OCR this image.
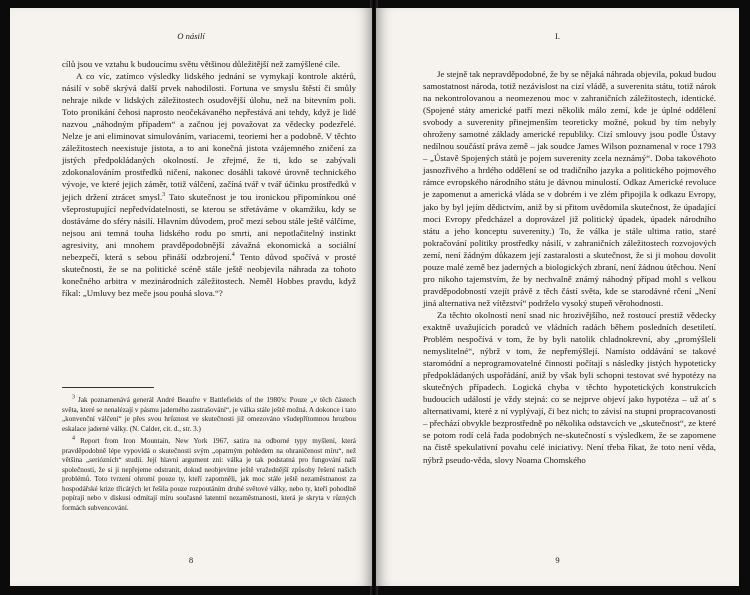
O násilí

cílů jsou ve vztahu k budoucímu světu většinou důležitější než zamýšlené cíle.

A co víc, zatímco výsledky lidského jednání se vymykají kontrole aktérů, násilí v sobě skrývá další prvek nahodilosti. Fortuna ve smyslu štěstí či smůly nehraje nikde v lidských záležitostech osudovější úlohu, než na bitevním poli. Toto pronikání čehosi naprosto neočekávaného nepřestává ani tehdy, když je lidé nazvou „náhodným případem“ a začnou jej považovat za vědecky podezřelé. Nelze je ani eliminovat simulováním, variacemi, teoriemi her a podobně. V těchto záležitostech neexistuje jistota, a to ani konečná jistota vzájemného zničení za jistých předpokládaných okolností. Je zřejmé, že ti, kdo se zabývali zdokonalováním prostředků ničení, nakonec dosáhli takové úrovně technického vývoje, ve které jejich záměr, totiž válčení, začíná tvář v tvář účinku prostředků v jejich držení ztrácet smysl.$^3$ Tato skutečnost je tou ironickou připomínkou oné všeprostupující nepředvídatelnosti, se kterou se střetáváme v okamžiku, kdy se dostáváme do sféry násilí. Hlavním důvodem, proč mezi sebou stále ještě válčíme, nejsou ani temná touha lidského rodu po smrti, ani nepotlačitelný instinkt agresivity, ani mnohem pravděpodobnější závažná ekonomická a sociální nebezpečí, která s sebou přináší odzbrojení.$^4$ Tento důvod spočívá v prosté skutečnosti, že se na politické scéně stále ještě neobjevila náhrada za tohoto konečného arbitra v mezinárodních záležitostech. Neměl Hobbes pravdu, když říkal: „Umluvy bez meče jsou pouhá slova.“?

$^3$ Jak poznamenává generál André Beaufre v Battlefields of the 1980's: Pouze „v těch částech světa, které se nenalézají v pásmu jaderného zastrašování“, je válka stále ještě možná. A dokonce i tato „konvenční válčení“ je přes svou hrůznost ve skutečnosti již omezováno všudepřítomnou hrozbou eskalace jaderné války. (N. Calder, cit. d., str. 3.)

$^4$ Report from Iron Mountain, New York 1967, satira na odborné typy myšlení, která pravděpodobně lépe vypovídá o skutečnosti svým „opatrným pohledem na ohraničenost míru“, než většina „seriózních“ studií. Její hlavní argument zní: válka je tak podstatná pro fungování naší společnosti, že si ji nepřejeme odstranit, dokud neobjevíme ještě vražednější způsoby řešení našich problémů. Toto tvrzení ohromí pouze ty, kteří zapomněli, jak moc stále ještě nezaměstnanost za hospodářské krize třicátých let řešila pouze rozpoutáním druhé světové války, nebo ty, kteří pohodlně popírají nebo v diskusi odmítají míru současné latentní nezaměstnanosti, která je skryta v různých formách subvencování.

8
I.

Je stejně tak nepravděpodobné, že by se nějaká náhrada objevila, pokud budou samostatnost národa, totiž nezávislost na cizí vládě, a suverenita státu, totiž nárok na nekontrolovanou a neomezenou moc v zahraničních záležitostech, identické. (Spojené státy americké patří mezi několik málo zemí, kde je úplné oddělení svobody a suverenity přinejmenším teoreticky možné, pokud by tím nebyly ohroženy samotné základy americké republiky. Cizí smlouvy jsou podle Ústavy nedílnou součástí práva země – jak soudce James Wilson poznamenal v roce 1793 – „Ústavě Spojených států je pojem suverenity zcela neznámý“. Doba takovéhoto jasnozřivého a hrdého oddělení se od tradičního jazyka a politického pojmového rámce evropského národního státu je dávnou minulostí. Odkaz Americké revoluce je zapomenut a americká vláda se v dobrém i ve zlém připojila k odkazu Evropy, jako by byl jejím dědictvím, aniž by si přitom uvědomila skutečnost, že úpadající moci Evropy předcházel a doprovázel již politický úpadek, úpadek národního státu a jeho konceptu suverenity.) To, že válka je stále ultima ratio, staré pokračování politiky prostředky násilí, v zahraničních záležitostech rozvojových zemí, není žádným důkazem její zastaralosti a skutečnost, že si ji mohou dovolit pouze malé země bez jaderných a biologických zbraní, není žádnou útěchou. Není pro nikoho tajemstvím, že by nechvalně známý náhodný případ mohl s velkou pravděpodobností vzejít právě z těch částí světa, kde se starodávné rčení „Není jiná alternativa než vítězství“ podrželo vysoký stupeň věrohodnosti.

Za těchto okolností není snad nic hrozivějšího, než rostoucí prestiž vědecky exaktně uvažujících poradců ve vládních radách během posledních desetiletí. Problém nespočívá v tom, že by byli natolik chladnokrevní, aby „promýšleli nemyslitelné“, nýbrž v tom, že nepřemýšlejí. Namísto oddávání se takové staromódní a neprogramovatelné činnosti počítají s následky jistých hypoteticky předpokládaných uspořádání, aniž by však byli schopni testovat své hypotézy na skutečných případech. Logická chyba v těchto hypotetických konstrukcích budoucích událostí je vždy stejná: co se nejprve objeví jako hypotéza – už ať s alternativami, které z ní vyplývají, či bez nich; to závisí na stupni propracovanosti – přechází obvykle bezprostředně po několika odstavcích ve „skutečnost“, ze které se potom rodí celá řada podobných ne-skutečností s výsledkem, že se zapomene na čistě spekulativní povahu celé iniciativy. Není třeba říkat, že toto není věda, nýbrž pseudo-věda, slovy Noama Chomského

9
